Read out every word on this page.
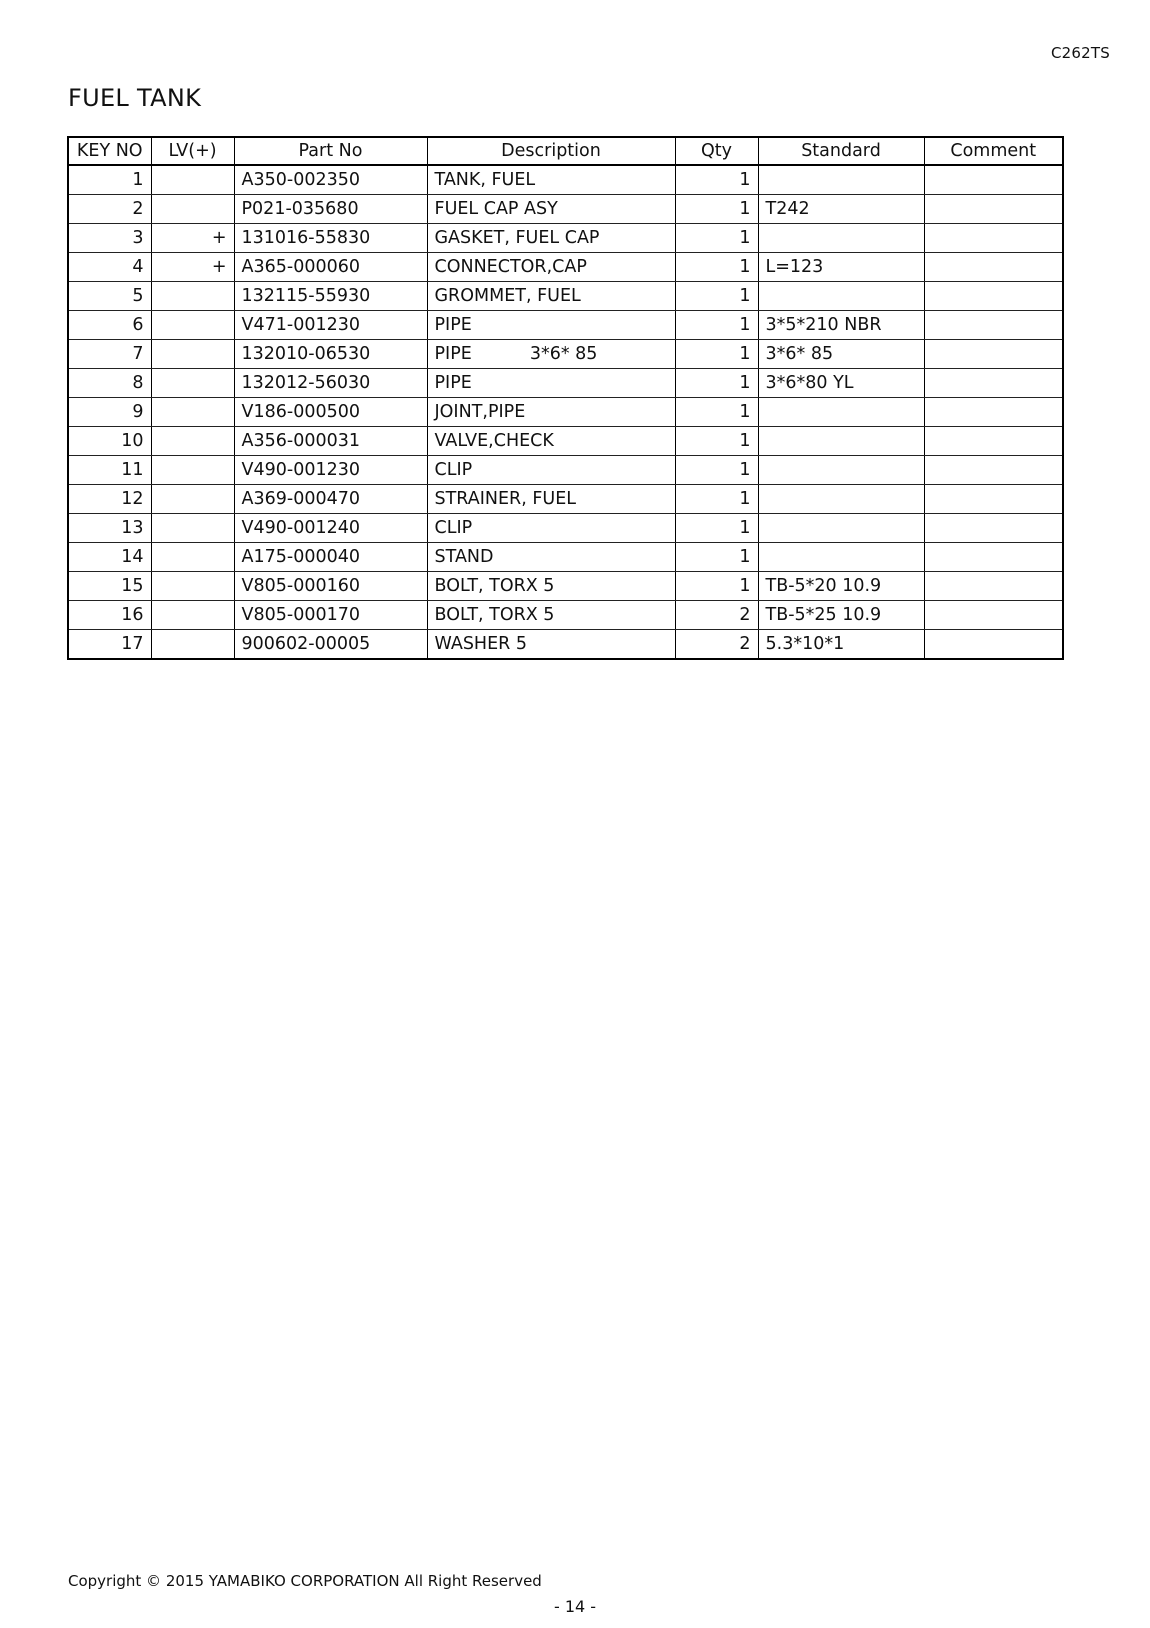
C262TS
FUEL TANK
KEY NO	LV(+)	Part No	Description	Qty	Standard	Comment
1		A350-002350	TANK, FUEL	1		
2		P021-035680	FUEL CAP ASY	1	T242	
3	+	131016-55830	GASKET, FUEL CAP	1		
4	+	A365-000060	CONNECTOR,CAP	1	L=123	
5		132115-55930	GROMMET, FUEL	1		
6		V471-001230	PIPE	1	3*5*210 NBR	
7		132010-06530	PIPE 3*6* 85	1	3*6* 85	
8		132012-56030	PIPE	1	3*6*80 YL	
9		V186-000500	JOINT,PIPE	1		
10		A356-000031	VALVE,CHECK	1		
11		V490-001230	CLIP	1		
12		A369-000470	STRAINER, FUEL	1		
13		V490-001240	CLIP	1		
14		A175-000040	STAND	1		
15		V805-000160	BOLT, TORX 5	1	TB-5*20 10.9	
16		V805-000170	BOLT, TORX 5	2	TB-5*25 10.9	
17		900602-00005	WASHER 5	2	5.3*10*1	
Copyright © 2015 YAMABIKO CORPORATION All Right Reserved
- 14 -
